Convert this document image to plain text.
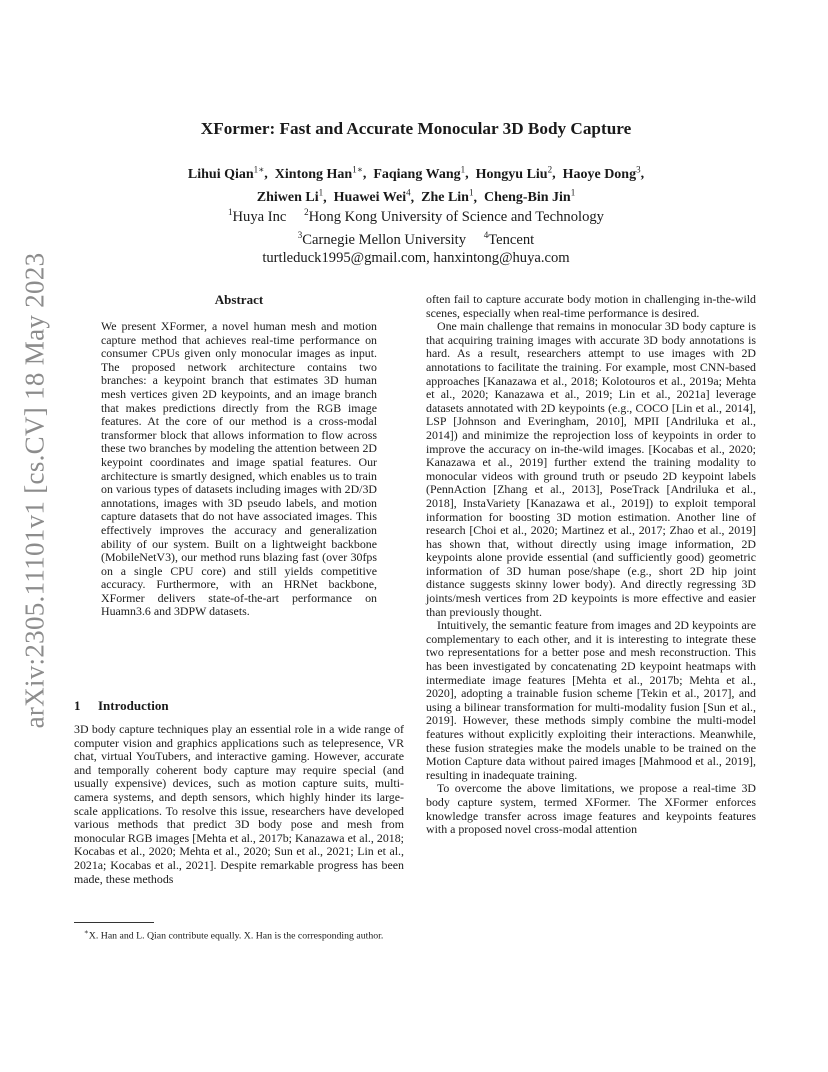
arXiv:2305.11101v1 [cs.CV] 18 May 2023
XFormer: Fast and Accurate Monocular 3D Body Capture
Lihui Qian$^{1∗}$,  Xintong Han$^{1∗}$,  Faqiang Wang$^1$,  Hongyu Liu$^2$,  Haoye Dong$^3$,
Zhiwen Li$^1$,  Huawei Wei$^4$,  Zhe Lin$^1$,  Cheng-Bin Jin$^1$
$^1$Huya Inc $^2$Hong Kong University of Science and Technology
$^3$Carnegie Mellon University $^4$Tencent
turtleduck1995@gmail.com, hanxintong@huya.com
Abstract

We present XFormer, a novel human mesh and motion capture method that achieves real-time performance on consumer CPUs given only monocular images as input. The proposed network architecture contains two branches: a keypoint branch that estimates 3D human mesh vertices given 2D keypoints, and an image branch that makes predictions directly from the RGB image features. At the core of our method is a cross-modal transformer block that allows information to flow across these two branches by modeling the attention between 2D keypoint coordinates and image spatial features. Our architecture is smartly designed, which enables us to train on various types of datasets including images with 2D/3D annotations, images with 3D pseudo labels, and motion capture datasets that do not have associated images. This effectively improves the accuracy and generalization ability of our system. Built on a lightweight backbone (MobileNetV3), our method runs blazing fast (over 30fps on a single CPU core) and still yields competitive accuracy. Furthermore, with an HRNet backbone, XFormer delivers state-of-the-art performance on Huamn3.6 and 3DPW datasets.

1 Introduction

3D body capture techniques play an essential role in a wide range of computer vision and graphics applications such as telepresence, VR chat, virtual YouTubers, and interactive gaming. However, accurate and temporally coherent body capture may require special (and usually expensive) devices, such as motion capture suits, multi-camera systems, and depth sensors, which highly hinder its large-scale applications. To resolve this issue, researchers have developed various methods that predict 3D body pose and mesh from monocular RGB images [Mehta et al., 2017b; Kanazawa et al., 2018; Kocabas et al., 2020; Mehta et al., 2020; Sun et al., 2021; Lin et al., 2021a; Kocabas et al., 2021]. Despite remarkable progress has been made, these methods

∗X. Han and L. Qian contribute equally. X. Han is the corresponding author.

often fail to capture accurate body motion in challenging in-the-wild scenes, especially when real-time performance is desired.

One main challenge that remains in monocular 3D body capture is that acquiring training images with accurate 3D body annotations is hard. As a result, researchers attempt to use images with 2D annotations to facilitate the training. For example, most CNN-based approaches [Kanazawa et al., 2018; Kolotouros et al., 2019a; Mehta et al., 2020; Kanazawa et al., 2019; Lin et al., 2021a] leverage datasets annotated with 2D keypoints (e.g., COCO [Lin et al., 2014], LSP [Johnson and Everingham, 2010], MPII [Andriluka et al., 2014]) and minimize the reprojection loss of keypoints in order to improve the accuracy on in-the-wild images. [Kocabas et al., 2020; Kanazawa et al., 2019] further extend the training modality to monocular videos with ground truth or pseudo 2D keypoint labels (PennAction [Zhang et al., 2013], PoseTrack [Andriluka et al., 2018], InstaVariety [Kanazawa et al., 2019]) to exploit temporal information for boosting 3D motion estimation. Another line of research [Choi et al., 2020; Martinez et al., 2017; Zhao et al., 2019] has shown that, without directly using image information, 2D keypoints alone provide essential (and sufficiently good) geometric information of 3D human pose/shape (e.g., short 2D hip joint distance suggests skinny lower body). And directly regressing 3D joints/mesh vertices from 2D keypoints is more effective and easier than previously thought.

Intuitively, the semantic feature from images and 2D keypoints are complementary to each other, and it is interesting to integrate these two representations for a better pose and mesh reconstruction. This has been investigated by concatenating 2D keypoint heatmaps with intermediate image features [Mehta et al., 2017b; Mehta et al., 2020], adopting a trainable fusion scheme [Tekin et al., 2017], and using a bilinear transformation for multi-modality fusion [Sun et al., 2019]. However, these methods simply combine the multi-model features without explicitly exploiting their interactions. Meanwhile, these fusion strategies make the models unable to be trained on the Motion Capture data without paired images [Mahmood et al., 2019], resulting in inadequate training.

To overcome the above limitations, we propose a real-time 3D body capture system, termed XFormer. The XFormer enforces knowledge transfer across image features and keypoints features with a proposed novel cross-modal attention
